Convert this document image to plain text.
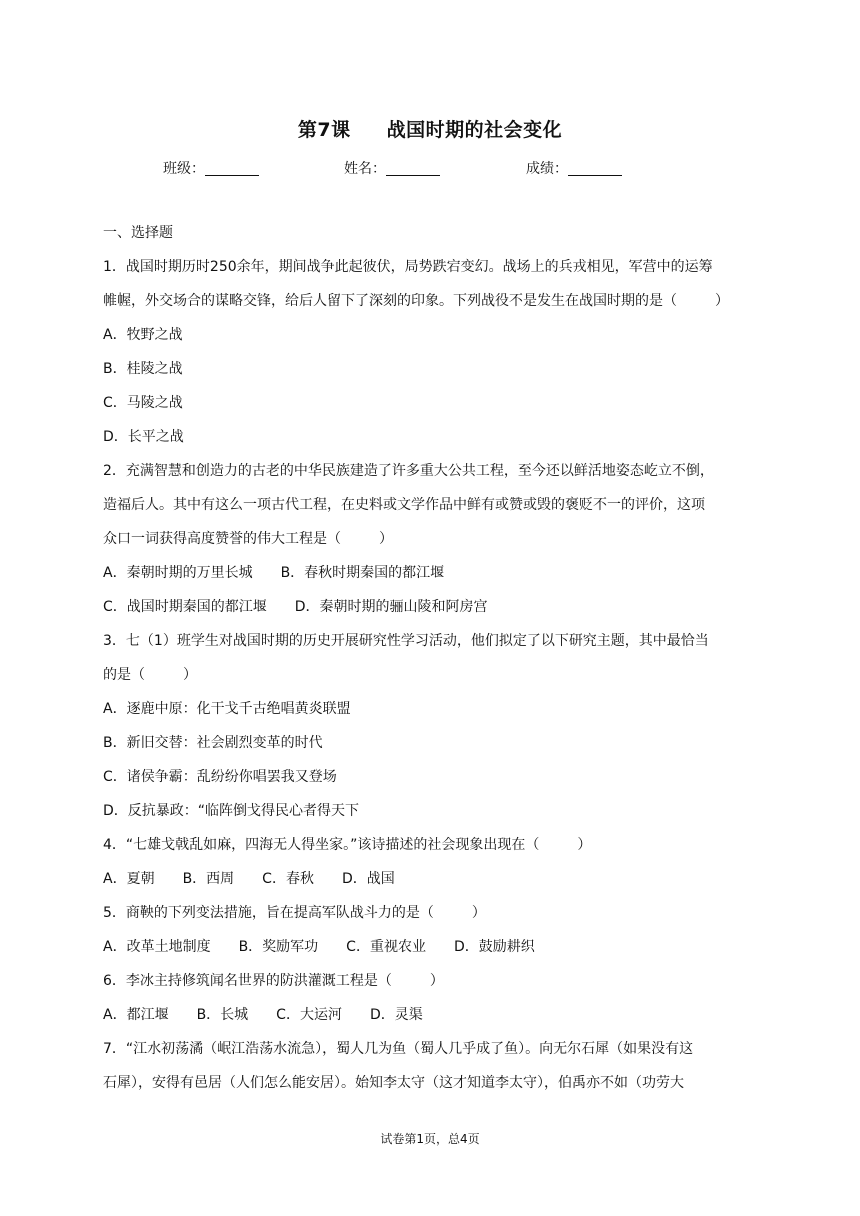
第7课 战国时期的社会变化
班级：	姓名：	成绩：
一、选择题
1．战国时期历时250余年，期间战争此起彼伏，局势跌宕变幻。战场上的兵戎相见，军营中的运筹
帷幄，外交场合的谋略交锋，给后人留下了深刻的印象。下列战役不是发生在战国时期的是（	）
A．牧野之战
B．桂陵之战
C．马陵之战
D．长平之战
2．充满智慧和创造力的古老的中华民族建造了许多重大公共工程，至今还以鲜活地姿态屹立不倒，
造福后人。其中有这么一项古代工程，在史料或文学作品中鲜有或赞或毁的褒贬不一的评价，这项
众口一词获得高度赞誉的伟大工程是（	）
A．秦朝时期的万里长城　　B．春秋时期秦国的都江堰
C．战国时期秦国的都江堰　　D．秦朝时期的骊山陵和阿房宫
3．七（1）班学生对战国时期的历史开展研究性学习活动，他们拟定了以下研究主题，其中最恰当
的是（	）
A．逐鹿中原：化干戈千古绝唱黄炎联盟
B．新旧交替：社会剧烈变革的时代
C．诸侯争霸：乱纷纷你唱罢我又登场
D．反抗暴政：“临阵倒戈得民心者得天下
4．“七雄戈戟乱如麻，四海无人得坐家。”该诗描述的社会现象出现在（	）
A．夏朝　　B．西周　　C．春秋　　D．战国
5．商鞅的下列变法措施，旨在提高军队战斗力的是（	）
A．改革土地制度　　B．奖励军功　　C．重视农业　　D．鼓励耕织
6．李冰主持修筑闻名世界的防洪灌溉工程是（	）
A．都江堰　　B．长城　　C．大运河　　D．灵渠
7．“江水初荡潏（岷江浩荡水流急），蜀人几为鱼（蜀人几乎成了鱼）。向无尔石犀（如果没有这
石犀），安得有邑居（人们怎么能安居）。始知李太守（这才知道李太守），伯禹亦不如（功劳大
试卷第1页，总4页
